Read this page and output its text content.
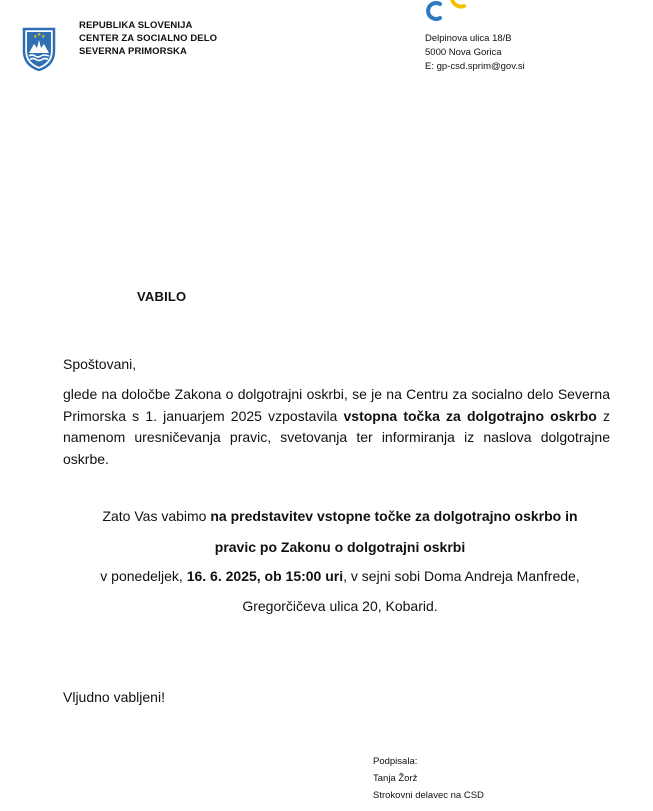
★ ★ ★
REPUBLIKA SLOVENIJA
CENTER ZA SOCIALNO DELO
SEVERNA PRIMORSKA
Delpinova ulica 18/B
5000 Nova Gorica
E: gp-csd.sprim@gov.si
VABILO
Spoštovani,
glede na določbe Zakona o dolgotrajni oskrbi, se je na Centru za socialno delo Severna Primorska s 1. januarjem 2025 vzpostavila vstopna točka za dolgotrajno oskrbo z namenom uresničevanja pravic, svetovanja ter informiranja iz naslova dolgotrajne oskrbe.
Zato Vas vabimo na predstavitev vstopne točke za dolgotrajno oskrbo in
pravic po Zakonu o dolgotrajni oskrbi
v ponedeljek, 16. 6. 2025, ob 15:00 uri, v sejni sobi Doma Andreja Manfrede,
Gregorčičeva ulica 20, Kobarid.
Vljudno vabljeni!
Podpisala:
Tanja Žorž
Strokovni delavec na CSD
